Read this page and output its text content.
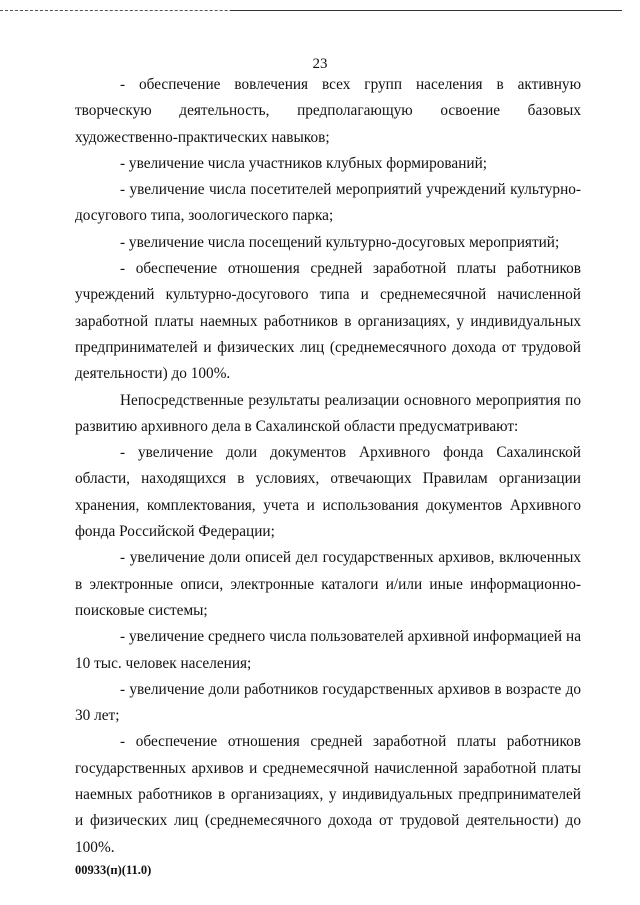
23

- обеспечение вовлечения всех групп населения в активную творческую деятельность, предполагающую освоение базовых художественно-практических навыков;

- увеличение числа участников клубных формирований;

- увеличение числа посетителей мероприятий учреждений культурно-досугового типа, зоологического парка;

- увеличение числа посещений культурно-досуговых мероприятий;

- обеспечение отношения средней заработной платы работников учреждений культурно-досугового типа и среднемесячной начисленной заработной платы наемных работников в организациях, у индивидуальных предпринимателей и физических лиц (среднемесячного дохода от трудовой деятельности) до 100%.

Непосредственные результаты реализации основного мероприятия по развитию архивного дела в Сахалинской области предусматривают:

- увеличение доли документов Архивного фонда Сахалинской области, находящихся в условиях, отвечающих Правилам организации хранения, комплектования, учета и использования документов Архивного фонда Российской Федерации;

- увеличение доли описей дел государственных архивов, включенных в электронные описи, электронные каталоги и/или иные информационно-поисковые системы;

- увеличение среднего числа пользователей архивной информацией на 10 тыс. человек населения;

- увеличение доли работников государственных архивов в возрасте до 30 лет;

- обеспечение отношения средней заработной платы работников государственных архивов и среднемесячной начисленной заработной платы наемных работников в организациях, у индивидуальных предпринимателей и физических лиц (среднемесячного дохода от трудовой деятельности) до 100%.

00933(п)(11.0)
